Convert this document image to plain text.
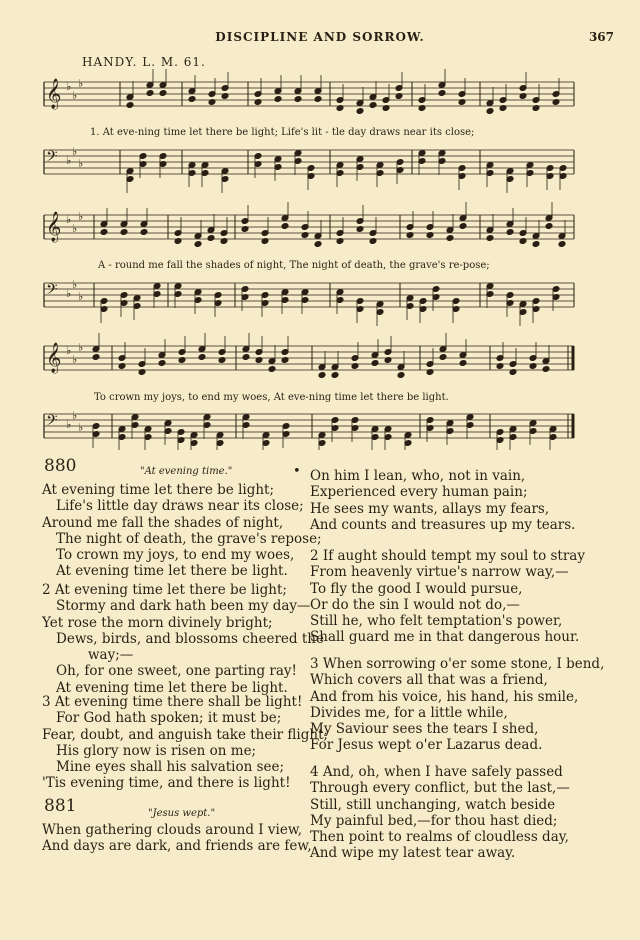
DISCIPLINE AND SORROW.	367
HANDY. L. M. 61.
𝄞 ♭
♭
♭
𝄢 ♭
♭
♭
𝄞 ♭
♭
♭
𝄢 ♭
♭
♭
𝄞 ♭
♭
♭
𝄢 ♭
♭
♭
1. At eve-ning time let there be light; Life's lit - tle day draws near its close;
A - round me fall the shades of night, The night of death, the grave's re-pose;
To crown my joys, to end my woes, At eve-ning time let there be light.
880	"At evening time."
At evening time let there be light;
Life's little day draws near its close;
Around me fall the shades of night,
The night of death, the grave's repose;
To crown my joys, to end my woes,
At evening time let there be light.
2 At evening time let there be light;
Stormy and dark hath been my day—
Yet rose the morn divinely bright;
Dews, birds, and blossoms cheered the
way;—
Oh, for one sweet, one parting ray!
At evening time let there be light.
3 At evening time there shall be light!
For God hath spoken; it must be;
Fear, doubt, and anguish take their flight;
His glory now is risen on me;
Mine eyes shall his salvation see;
'Tis evening time, and there is light!
881	"Jesus wept."
When gathering clouds around I view,
And days are dark, and friends are few,
• On him I lean, who, not in vain,
Experienced every human pain;
He sees my wants, allays my fears,
And counts and treasures up my tears.
2 If aught should tempt my soul to stray
From heavenly virtue's narrow way,—
To fly the good I would pursue,
Or do the sin I would not do,—
Still he, who felt temptation's power,
Shall guard me in that dangerous hour.
3 When sorrowing o'er some stone, I bend,
Which covers all that was a friend,
And from his voice, his hand, his smile,
Divides me, for a little while,
My Saviour sees the tears I shed,
For Jesus wept o'er Lazarus dead.
4 And, oh, when I have safely passed
Through every conflict, but the last,—
Still, still unchanging, watch beside
My painful bed,—for thou hast died;
Then point to realms of cloudless day,
And wipe my latest tear away.
